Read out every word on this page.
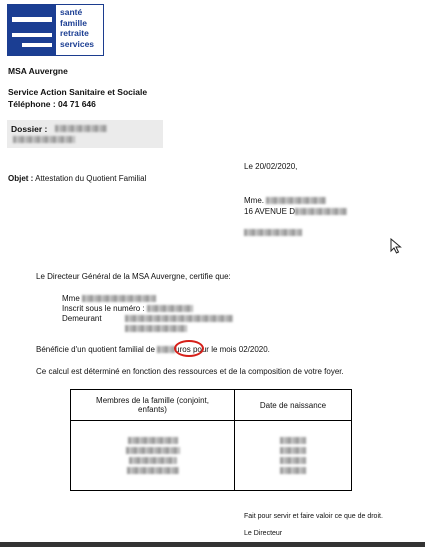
santé
famille
retraite
services
MSA Auvergne
Service Action Sanitaire et Sociale
Téléphone : 04 71 646
Dossier :
Le 20/02/2020,
Objet : Attestation du Quotient Familial
Mme.
16 AVENUE D
Le Directeur Général de la MSA Auvergne, certifie que:
Mme
Inscrit sous le numéro :
Demeurant
Bénéficie d'un quotient familial de	uros pour le mois 02/2020.
Ce calcul est déterminé en fonction des ressources et de la composition de votre foyer.
Membres de la famille (conjoint, enfants)	Date de naissance

Fait pour servir et faire valoir ce que de droit.
Le Directeur
